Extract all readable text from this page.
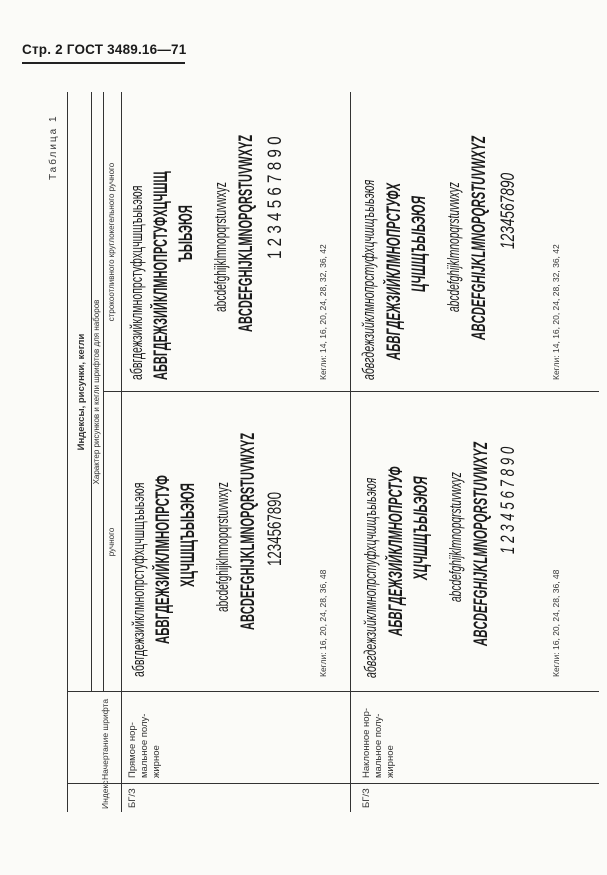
Стр. 2 ГОСТ 3489.16—71
Таблица 1
Индекс
Начертание шрифта
Индексы, рисунки, кегли Характер рисунков и кегли шрифтов для наборов
ручного
строкоотливного круглокегельного ручного
БГ/З
Прямое нор-мальное полу-жирное
абвгдежзийклмнопрстуфхцчшщъыьэюя АБВГДЕЖЗИЙКЛМНОПРСТУФ ХЦЧШЩЪЫЬЭЮЯ abcdefghijklmnopqrstuvwxyz ABCDEFGHIJKLMNOPQRSTUVWXYZ 1234567890
Кегли: 16, 20, 24, 28, 36, 48
абвгдежзийклмнопрстуфхцчшщъыьэюя АБВГДЕЖЗИЙКЛМНОПРСТУФХЦЧШЩ ЪЫЬЭЮЯ abcdefghijklmnopqrstuvwxyz ABCDEFGHIJKLMNOPQRSTUVWXYZ 1 2 3 4 5 6 7 8 9 0
Кегли: 14, 16, 20, 24, 28, 32, 36, 42
БГ/З
Наклонное нор-мальное полу-жирное
абвгдежзийклмнопрстуфхцчшщъыьэюя АБВГДЕЖЗИЙКЛМНОПРСТУФ ХЦЧШЩЪЫЬЭЮЯ abcdefghijklmnopqrstuvwxyz ABCDEFGHIJKLMNOPQRSTUVWXYZ 1 2 3 4 5 6 7 8 9 0
Кегли: 16, 20, 24, 28, 36, 48
абвгдежзийклмнопрстуфхцчшщъыьэюя АБВГДЕЖЗИЙКЛМНОПРСТУФХ ЦЧШЩЪЫЬЭЮЯ abcdefghijklmnopqrstuvwxyz ABCDEFGHIJKLMNOPQRSTUVWXYZ 1234567890
Кегли: 14, 16, 20, 24, 28, 32, 36, 42
